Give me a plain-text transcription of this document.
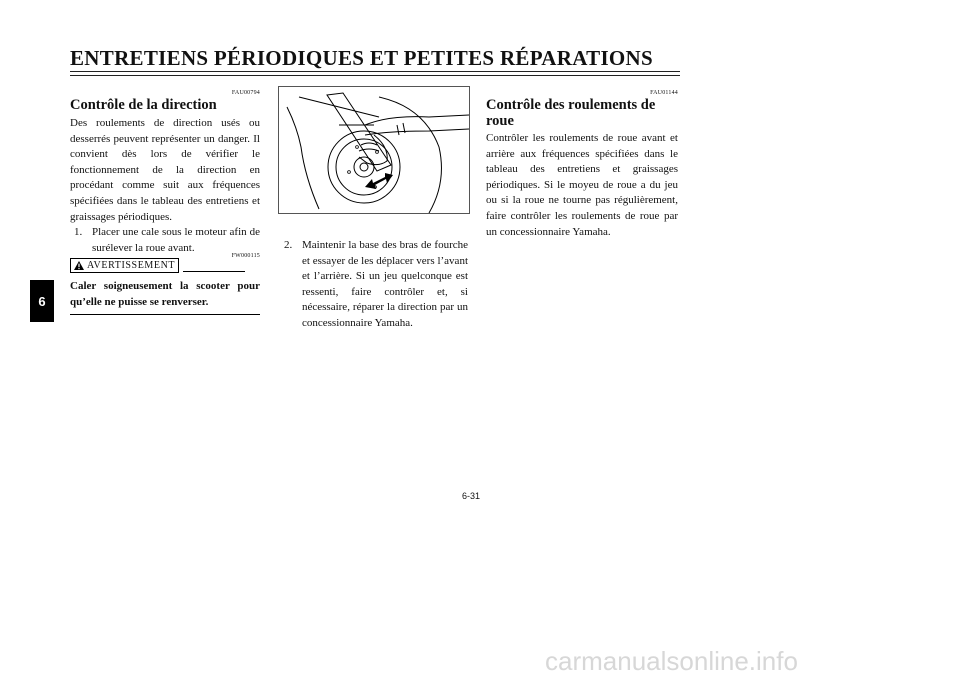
ENTRETIENS PÉRIODIQUES ET PETITES RÉPARATIONS
6
FAU00794
Contrôle de la direction
Des roulements de direction usés ou desserrés peuvent représenter un danger. Il convient dès lors de vérifier le fonctionnement de la direction en procédant comme suit aux fréquences spécifiées dans le tableau des entretiens et graissages périodiques.
1. Placer une cale sous le moteur afin de surélever la roue avant.
FW000115
AVERTISSEMENT
Caler soigneusement la scooter pour qu’elle ne puisse se renverser.
2. Maintenir la base des bras de fourche et essayer de les déplacer vers l’avant et l’arrière. Si un jeu quelconque est ressenti, faire contrôler et, si nécessaire, réparer la direction par un concessionnaire Yamaha.
FAU01144
Contrôle des roulements de roue
Contrôler les roulements de roue avant et arrière aux fréquences spécifiées dans le tableau des entretiens et graissages périodiques. Si le moyeu de roue a du jeu ou si la roue ne tourne pas régulièrement, faire contrôler les roulements de roue par un concessionnaire Yamaha.
6-31
carmanualsonline.info
